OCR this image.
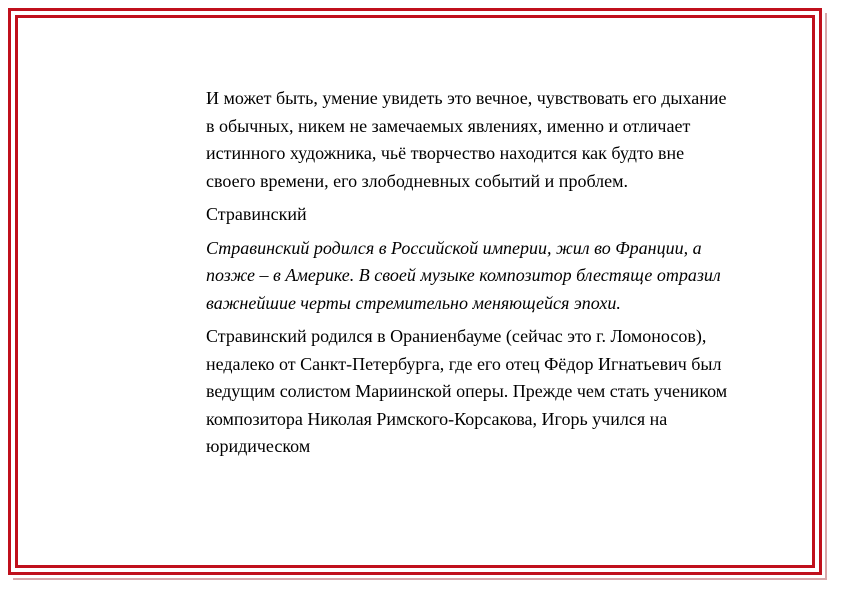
И может быть, умение увидеть это вечное, чувствовать его дыхание в обычных, никем не замечаемых явлениях, именно и отличает истинного художника, чьё творчество находится как будто вне своего времени, его злободневных событий и проблем.

Стравинский

Стравинский родился в Российской империи, жил во Франции, а позже – в Америке. В своей музыке композитор блестяще отразил важнейшие черты стремительно меняющейся эпохи.

Стравинский родился в Ораниенбауме (сейчас это г. Ломоносов), недалеко от Санкт-Петербурга, где его отец Фёдор Игнатьевич был ведущим солистом Мариинской оперы. Прежде чем стать учеником композитора Николая Римского-Корсакова, Игорь учился на юридическом
